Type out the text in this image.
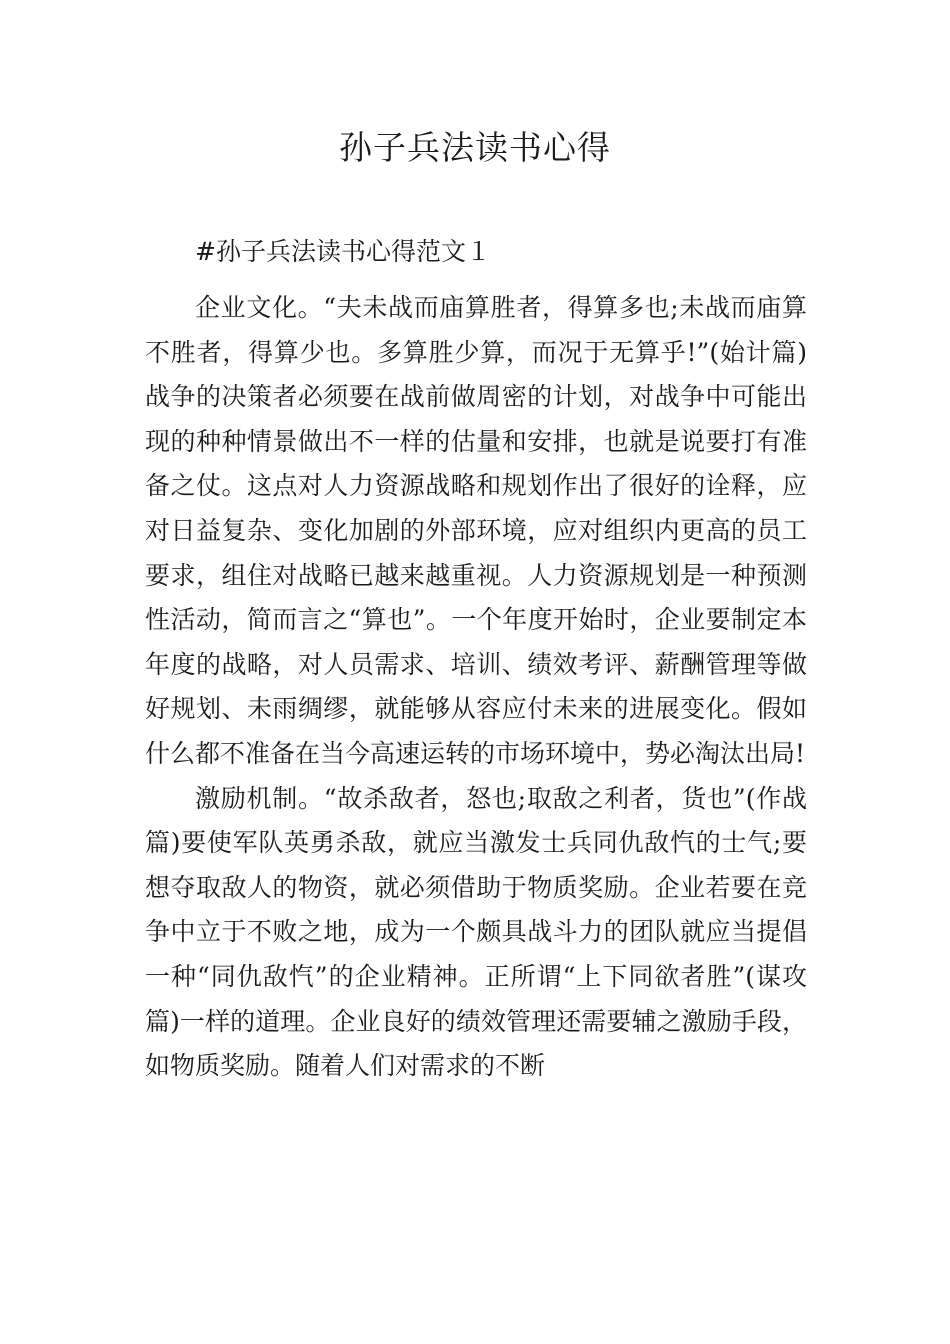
孙子兵法读书心得

#孙子兵法读书心得范文１

企业文化。“夫未战而庙算胜者，得算多也;未战而庙算不胜者，得算少也。多算胜少算，而况于无算乎!”(始计篇)战争的决策者必须要在战前做周密的计划，对战争中可能出现的种种情景做出不一样的估量和安排，也就是说要打有准备之仗。这点对人力资源战略和规划作出了很好的诠释，应对日益复杂、变化加剧的外部环境，应对组织内更高的员工要求，组住对战略已越来越重视。人力资源规划是一种预测性活动，简而言之“算也”。一个年度开始时，企业要制定本年度的战略，对人员需求、培训、绩效考评、薪酬管理等做好规划、未雨绸缪，就能够从容应付未来的进展变化。假如什么都不准备在当今高速运转的市场环境中，势必淘汰出局!

激励机制。“故杀敌者，怒也;取敌之利者，货也”(作战篇)要使军队英勇杀敌，就应当激发士兵同仇敌忾的士气;要想夺取敌人的物资，就必须借助于物质奖励。企业若要在竞争中立于不败之地，成为一个颇具战斗力的团队就应当提倡一种“同仇敌忾”的企业精神。正所谓“上下同欲者胜”(谋攻篇)一样的道理。企业良好的绩效管理还需要辅之激励手段，如物质奖励。随着人们对需求的不断
